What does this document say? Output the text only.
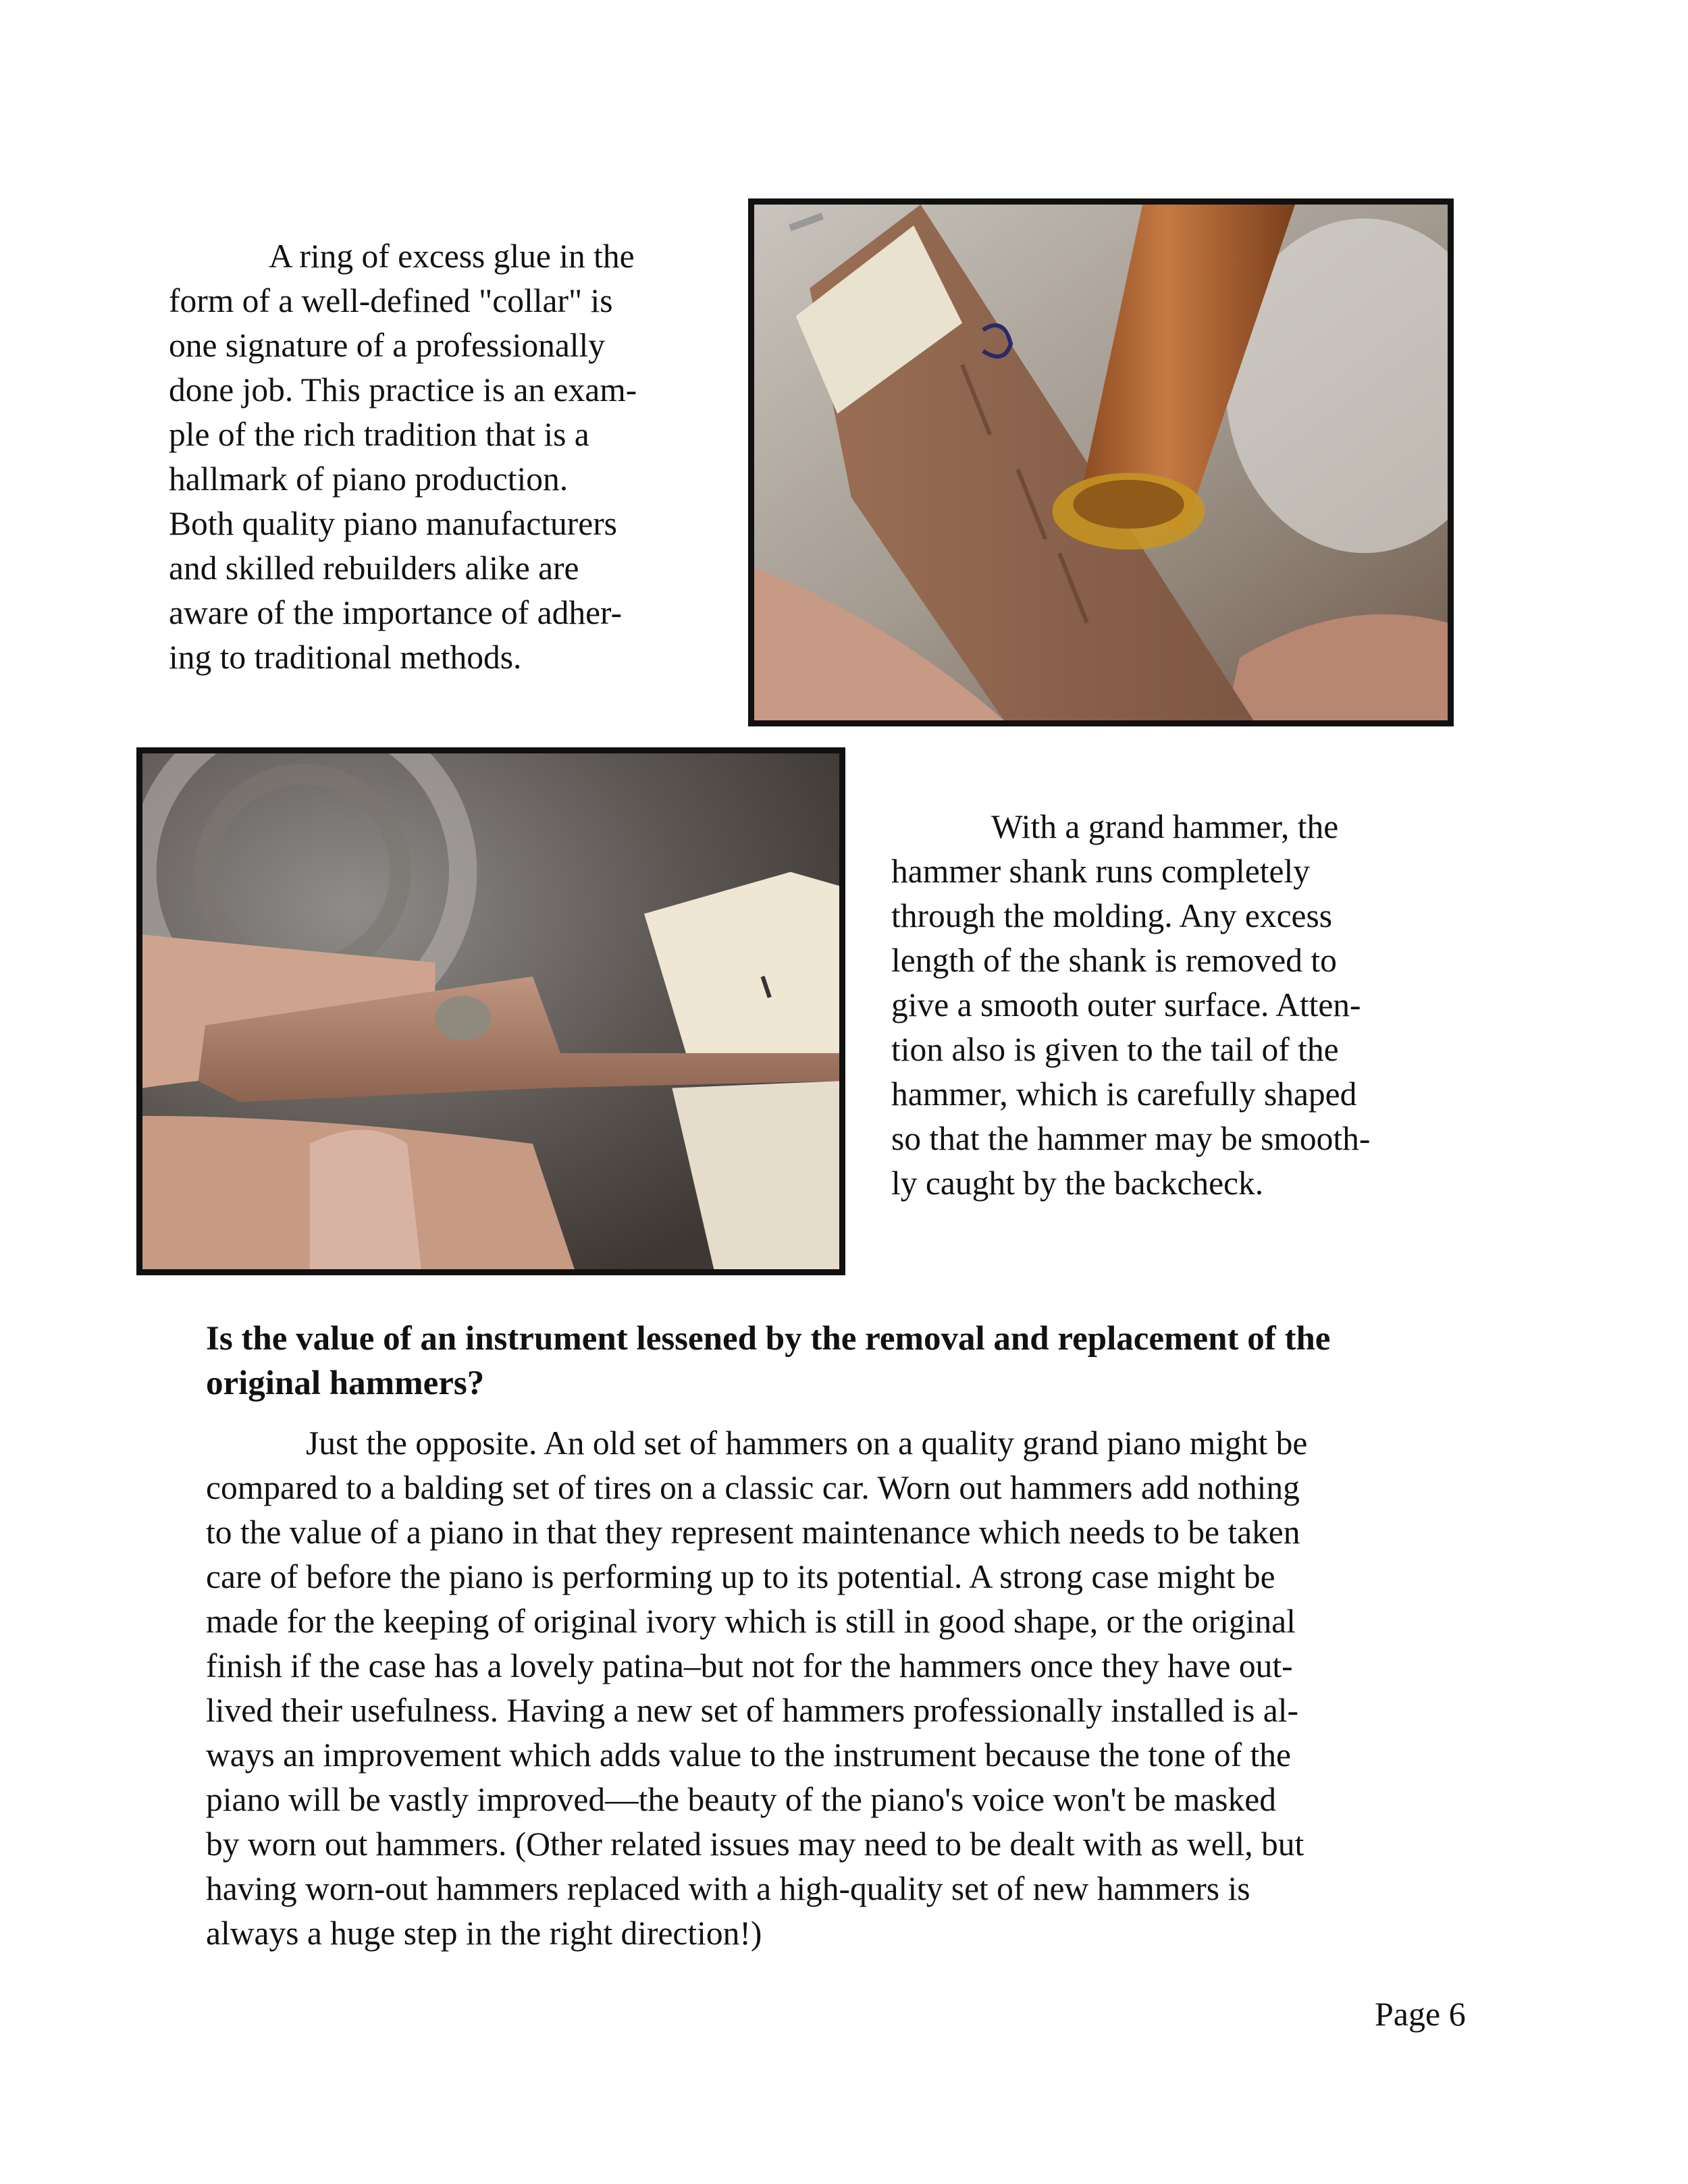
A ring of excess glue in the
form of a well-defined "collar" is
one signature of a professionally
done job. This practice is an exam-
ple of the rich tradition that is a
hallmark of piano production.
Both quality piano manufacturers
and skilled rebuilders alike are
aware of the importance of adher-
ing to traditional methods.
With a grand hammer, the
hammer shank runs completely
through the molding. Any excess
length of the shank is removed to
give a smooth outer surface. Atten-
tion also is given to the tail of the
hammer, which is carefully shaped
so that the hammer may be smooth-
ly caught by the backcheck.
Is the value of an instrument lessened by the removal and replacement of the
original hammers?
Just the opposite. An old set of hammers on a quality grand piano might be
compared to a balding set of tires on a classic car. Worn out hammers add nothing
to the value of a piano in that they represent maintenance which needs to be taken
care of before the piano is performing up to its potential. A strong case might be
made for the keeping of original ivory which is still in good shape, or the original
finish if the case has a lovely patina–but not for the hammers once they have out-
lived their usefulness. Having a new set of hammers professionally installed is al-
ways an improvement which adds value to the instrument because the tone of the
piano will be vastly improved—the beauty of the piano's voice won't be masked
by worn out hammers. (Other related issues may need to be dealt with as well, but
having worn-out hammers replaced with a high-quality set of new hammers is
always a huge step in the right direction!)
Page 6
